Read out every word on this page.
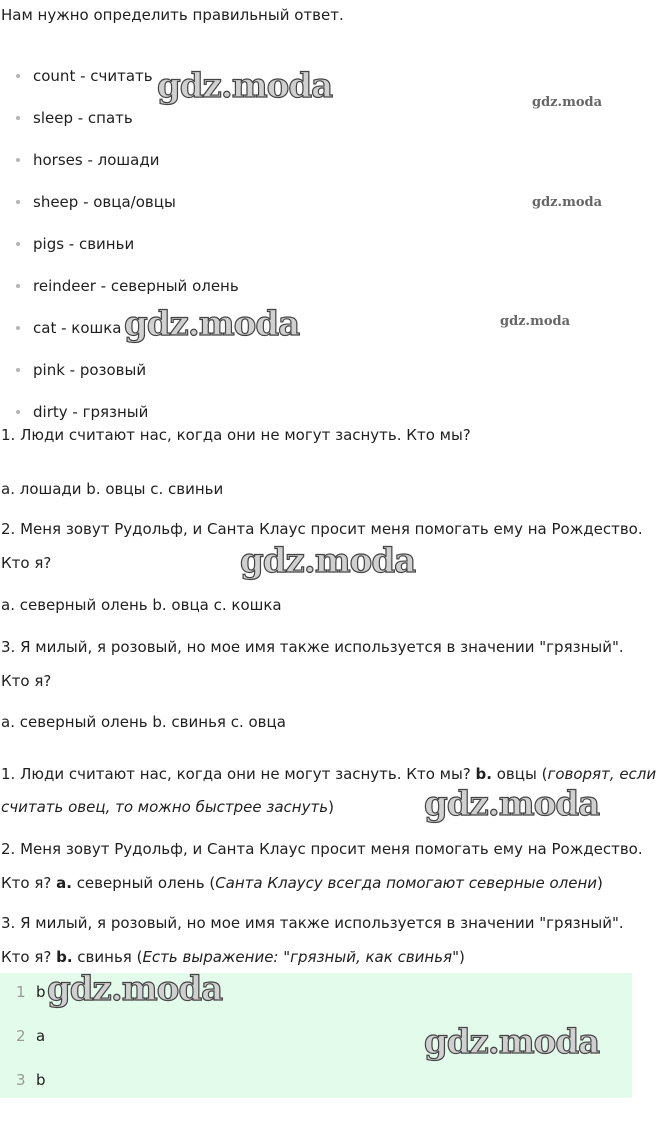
Нам нужно определить правильный ответ.

count - считать
sleep - спать
horses - лошади
sheep - овца/овцы
pigs - свиньи
reindeer - северный олень
cat - кошка
pink - розовый
dirty - грязный
1. Люди считают нас, когда они не могут заснуть. Кто мы?

a. лошади b. овцы c. свиньи

2. Меня зовут Рудольф, и Санта Клаус просит меня помогать ему на Рождество.

Кто я?

a. северный олень b. овца c. кошка

3. Я милый, я розовый, но мое имя также используется в значении "грязный".

Кто я?

a. северный олень b. свинья c. овца

1. Люди считают нас, когда они не могут заснуть. Кто мы? b. овцы (говорят, если

считать овец, то можно быстрее заснуть)

2. Меня зовут Рудольф, и Санта Клаус просит меня помогать ему на Рождество.

Кто я? a. северный олень (Санта Клаусу всегда помогают северные олени)

3. Я милый, я розовый, но мое имя также используется в значении "грязный".

Кто я? b. свинья (Есть выражение: "грязный, как свинья")

1 b
2 a
3 b
gdz.moda	gdz.moda
gdz.moda
gdz.moda	gdz.moda
gdz.moda
gdz.moda
gdz.moda
gdz.moda
